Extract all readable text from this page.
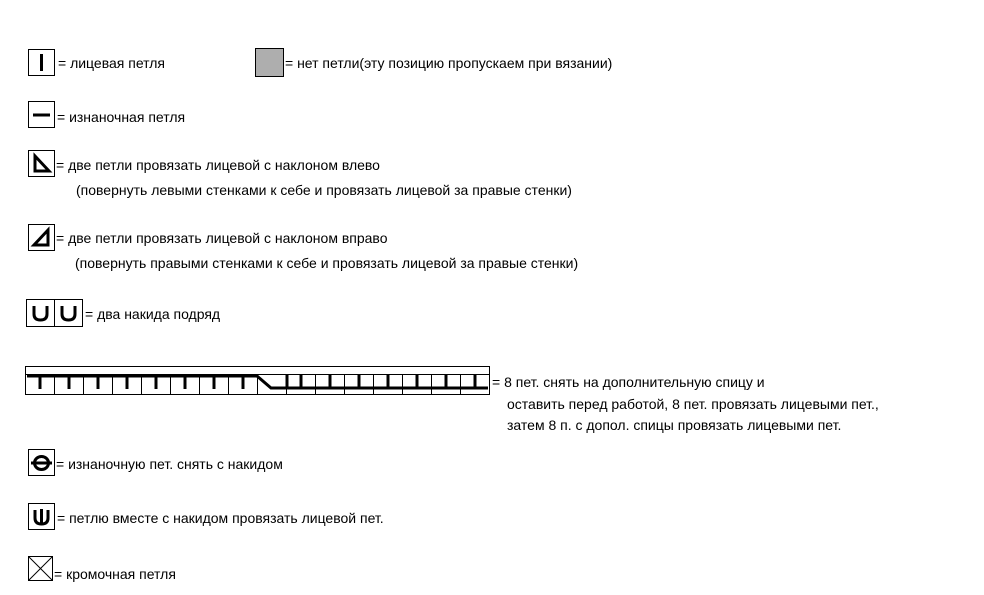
= лицевая петля	= нет петли(эту позицию пропускаем при вязании)
= изнаночная петля
= две петли провязать лицевой с наклоном влево
(повернуть левыми стенками к себе и провязать лицевой за правые стенки)
= две петли провязать лицевой с наклоном вправо
(повернуть правыми стенками к себе и провязать лицевой за правые стенки)
= два накида подряд
= 8 пет. снять на дополнительную спицу и
оставить перед работой, 8 пет. провязать лицевыми пет.,
затем 8 п. с допол. спицы провязать лицевыми пет.
= изнаночную пет. снять с накидом
= петлю вместе с накидом провязать лицевой пет.
= кромочная петля
